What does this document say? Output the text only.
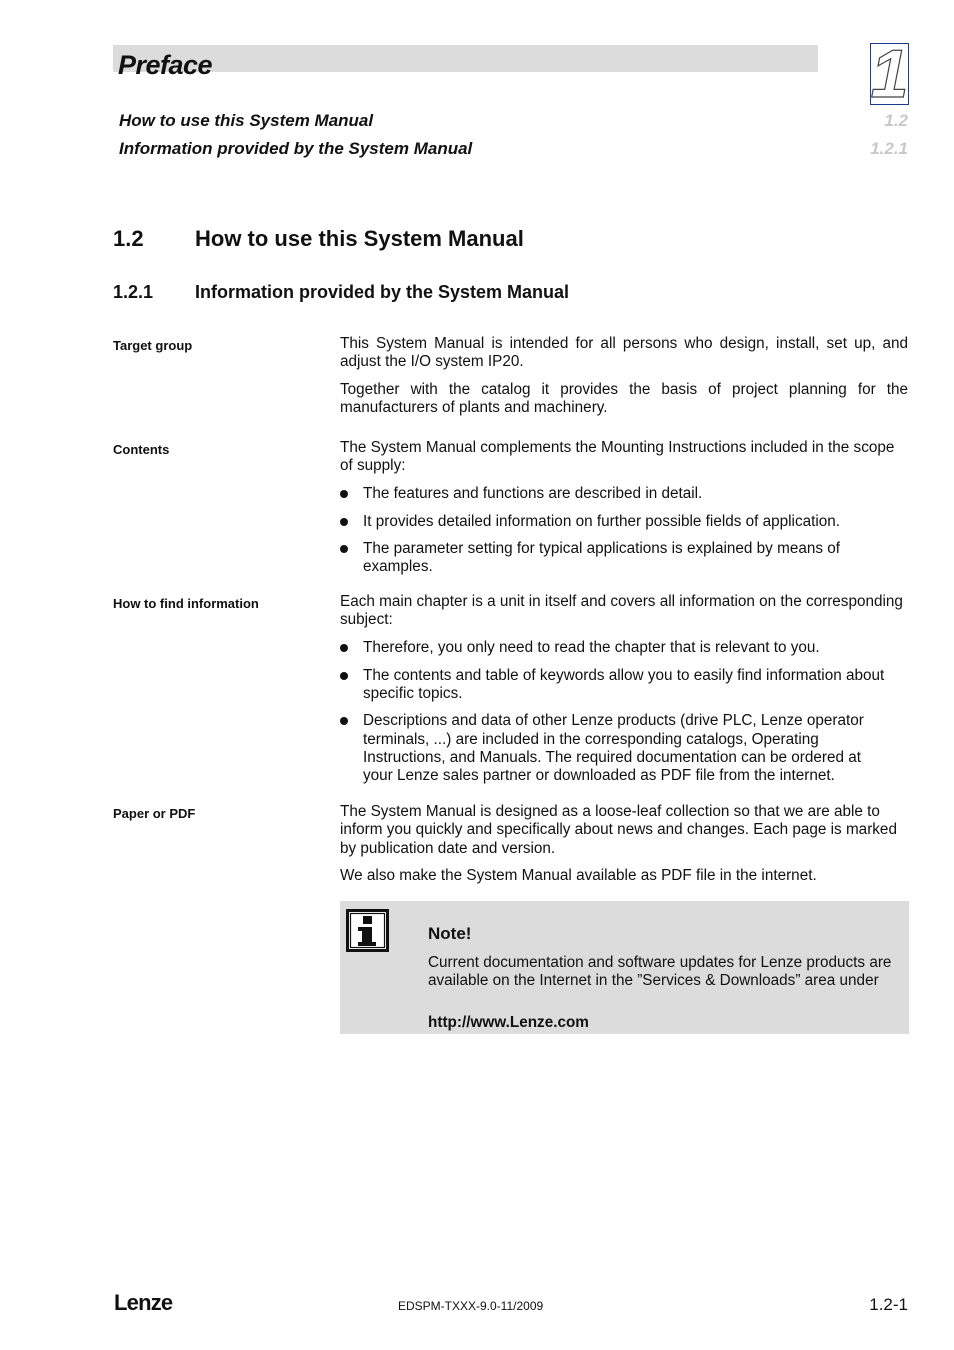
Preface
How to use this System Manual
Information provided by the System Manual
1.2
1.2.1
1
1.2 How to use this System Manual
1.2.1 Information provided by the System Manual
Target group	This System Manual is intended for all persons who design, install, set up, and adjust the I/O system IP20.
Together with the catalog it provides the basis of project planning for the manufacturers of plants and machinery.
Contents	The System Manual complements the Mounting Instructions included in the scope of supply:
The features and functions are described in detail.
It provides detailed information on further possible fields of application.
The parameter setting for typical applications is explained by means of examples.
How to find information	Each main chapter is a unit in itself and covers all information on the corresponding subject:
Therefore, you only need to read the chapter that is relevant to you.
The contents and table of keywords allow you to easily find information about specific topics.
Descriptions and data of other Lenze products (drive PLC, Lenze operator terminals, ...) are included in the corresponding catalogs, Operating Instructions, and Manuals. The required documentation can be ordered at your Lenze sales partner or downloaded as PDF file from the internet.
Paper or PDF	The System Manual is designed as a loose-leaf collection so that we are able to inform you quickly and specifically about news and changes. Each page is marked by publication date and version.
We also make the System Manual available as PDF file in the internet.
Note!
Current documentation and software updates for Lenze products are available on the Internet in the ”Services & Downloads” area under
http://www.Lenze.com
Lenze	EDSPM-TXXX-9.0-11/2009	1.2-1
